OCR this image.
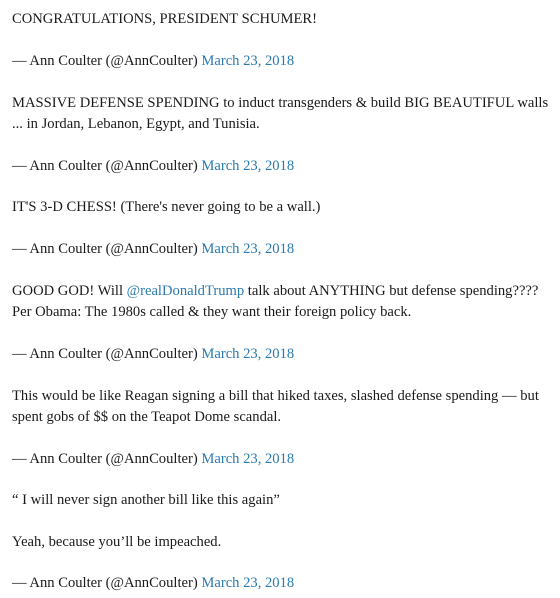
CONGRATULATIONS, PRESIDENT SCHUMER!

— Ann Coulter (@AnnCoulter) March 23, 2018

MASSIVE DEFENSE SPENDING to induct transgenders & build BIG BEAUTIFUL walls ... in Jordan, Lebanon, Egypt, and Tunisia.

— Ann Coulter (@AnnCoulter) March 23, 2018

IT'S 3-D CHESS! (There's never going to be a wall.)

— Ann Coulter (@AnnCoulter) March 23, 2018

GOOD GOD! Will @realDonaldTrump talk about ANYTHING but defense spending???? Per Obama: The 1980s called & they want their foreign policy back.

— Ann Coulter (@AnnCoulter) March 23, 2018

This would be like Reagan signing a bill that hiked taxes, slashed defense spending — but spent gobs of $$ on the Teapot Dome scandal.

— Ann Coulter (@AnnCoulter) March 23, 2018

“ I will never sign another bill like this again”

Yeah, because you’ll be impeached.

— Ann Coulter (@AnnCoulter) March 23, 2018
